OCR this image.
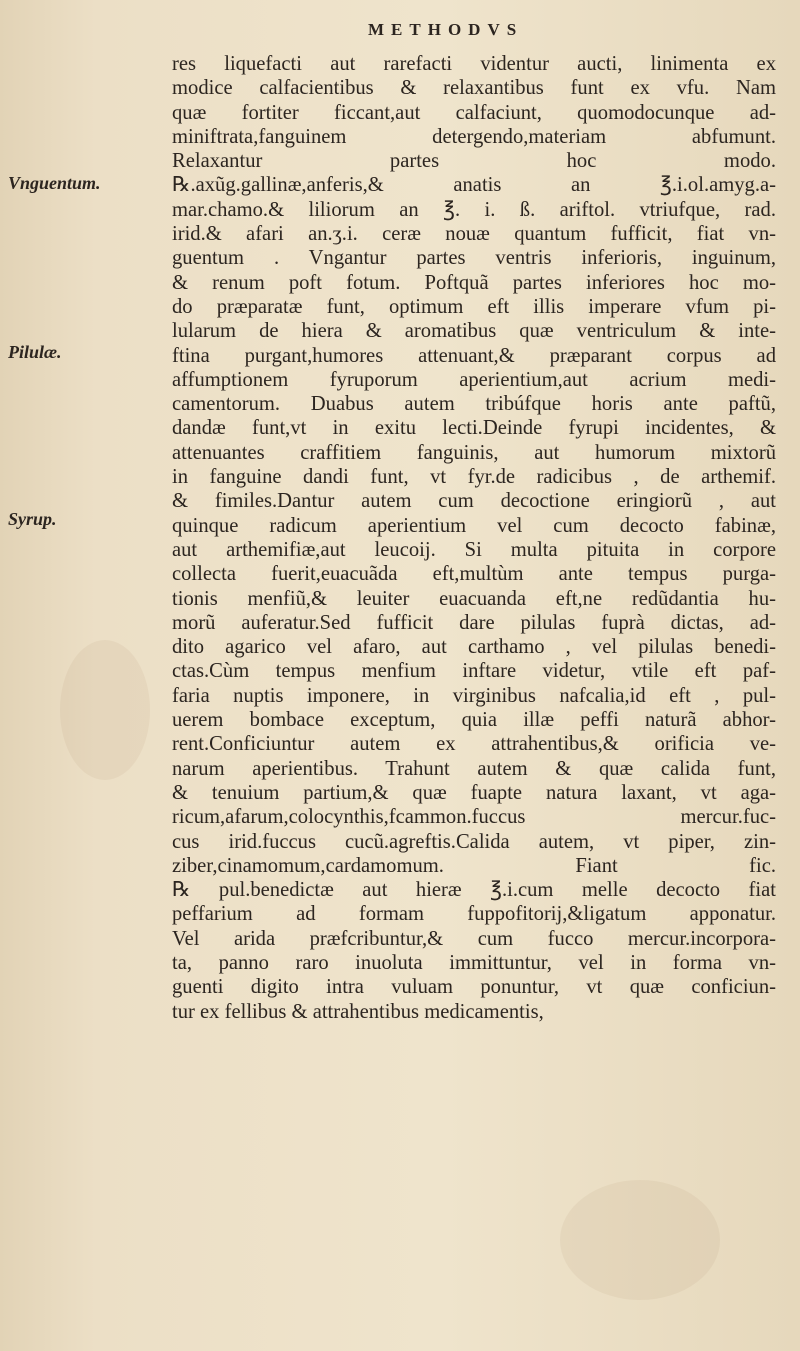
METHODVS
Vnguentum.
Pilulæ.
Syrup.
res liquefacti aut rarefacti videntur aucti, linimenta ex
modice calfacientibus & relaxantibus funt ex vfu. Nam
quæ fortiter ficcant,aut calfaciunt, quomodocunque ad-
miniftrata,fanguinem detergendo,materiam abfumunt.
Relaxantur partes hoc modo.
℞.axũg.gallinæ,anferis,& anatis an ℥.i.ol.amyg.a-
mar.chamo.& liliorum an ℥. i. ß. ariftol. vtriufque, rad.
irid.& afari an.ʒ.i. ceræ nouæ quantum fufficit, fiat vn-
guentum . Vngantur partes ventris inferioris, inguinum,
& renum poft fotum. Poftquã partes inferiores hoc mo-
do præparatæ funt, optimum eft illis imperare vfum pi-
lularum de hiera & aromatibus quæ ventriculum & inte-
ftina purgant,humores attenuant,& præparant corpus ad
affumptionem fyruporum aperientium,aut acrium medi-
camentorum. Duabus autem tribúfque horis ante paftũ,
dandæ funt,vt in exitu lecti.Deinde fyrupi incidentes, &
attenuantes craffitiem fanguinis, aut humorum mixtorũ
in fanguine dandi funt, vt fyr.de radicibus , de arthemif.
& fimiles.Dantur autem cum decoctione eringiorũ , aut
quinque radicum aperientium vel cum decocto fabinæ,
aut arthemifiæ,aut leucoij. Si multa pituita in corpore
collecta fuerit,euacuãda eft,multùm ante tempus purga-
tionis menfiũ,& leuiter euacuanda eft,ne redũdantia hu-
morũ auferatur.Sed fufficit dare pilulas fuprà dictas, ad-
dito agarico vel afaro, aut carthamo , vel pilulas benedi-
ctas.Cùm tempus menfium inftare videtur, vtile eft paf-
faria nuptis imponere, in virginibus nafcalia,id eft , pul-
uerem bombace exceptum, quia illæ peffi naturã abhor-
rent.Conficiuntur autem ex attrahentibus,& orificia ve-
narum aperientibus. Trahunt autem & quæ calida funt,
& tenuium partium,& quæ fuapte natura laxant, vt aga-
ricum,afarum,colocynthis,fcammon.fuccus mercur.fuc-
cus irid.fuccus cucũ.agreftis.Calida autem, vt piper, zin-
ziber,cinamomum,cardamomum. Fiant fic.
℞ pul.benedictæ aut hieræ ℥.i.cum melle decocto fiat
peffarium ad formam fuppofitorij,&ligatum apponatur.
Vel arida præfcribuntur,& cum fucco mercur.incorpora-
ta, panno raro inuoluta immittuntur, vel in forma vn-
guenti digito intra vuluam ponuntur, vt quæ conficiun-
tur ex fellibus & attrahentibus medicamentis,
